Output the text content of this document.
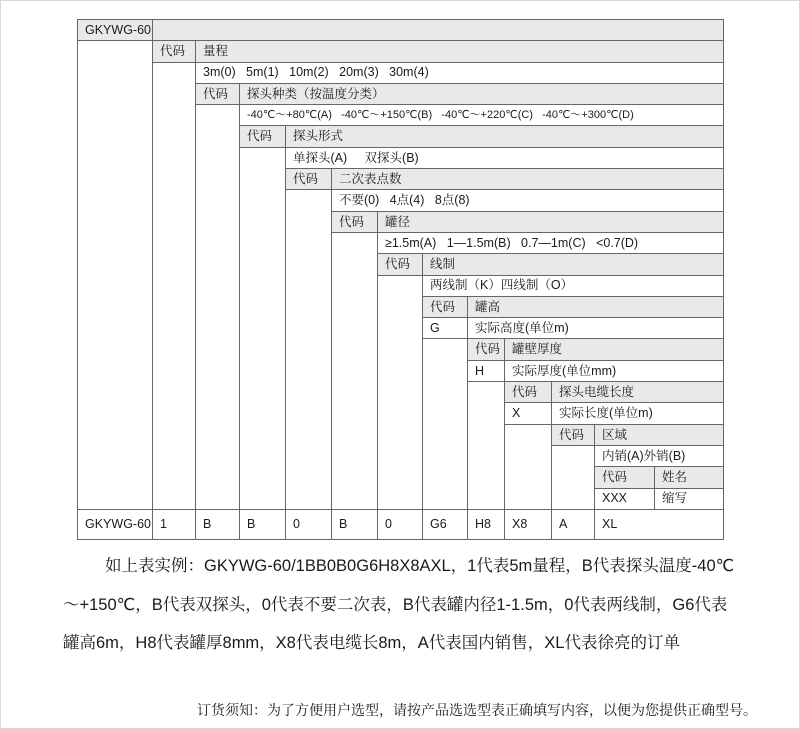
GKYWG-60
代码	量程
3m(0)   5m(1)   10m(2)   20m(3)   30m(4)
代码	探头种类（按温度分类）
-40℃～+80℃(A)   -40℃～+150℃(B)   -40℃～+220℃(C)   -40℃～+300℃(D)
代码	探头形式
单探头(A)     双探头(B)
代码	二次表点数
不要(0)   4点(4)   8点(8)
代码	罐径
≥1.5m(A)   1—1.5m(B)   0.7—1m(C)   <0.7(D)
代码	线制
两线制（K）四线制（O）
代码	罐高
G	实际高度(单位m)
代码 罐壁厚度
H	实际厚度(单位mm)
代码	探头电缆长度
X	实际长度(单位m)
代码	区域
内销(A)外销(B)
代码	姓名
XXX	缩写
GKYWG-60 1	B	B	0	B	0	G6	H8	X8	A	XL
如上表实例：GKYWG-60/1BB0B0G6H8X8AXL，1代表5m量程，B代表探头温度-40℃
～+150℃，B代表双探头，0代表不要二次表，B代表罐内径1-1.5m，0代表两线制，G6代表
罐高6m，H8代表罐厚8mm，X8代表电缆长8m，A代表国内销售，XL代表徐亮的订单
订货须知：为了方便用户选型，请按产品选选型表正确填写内容，以便为您提供正确型号。
